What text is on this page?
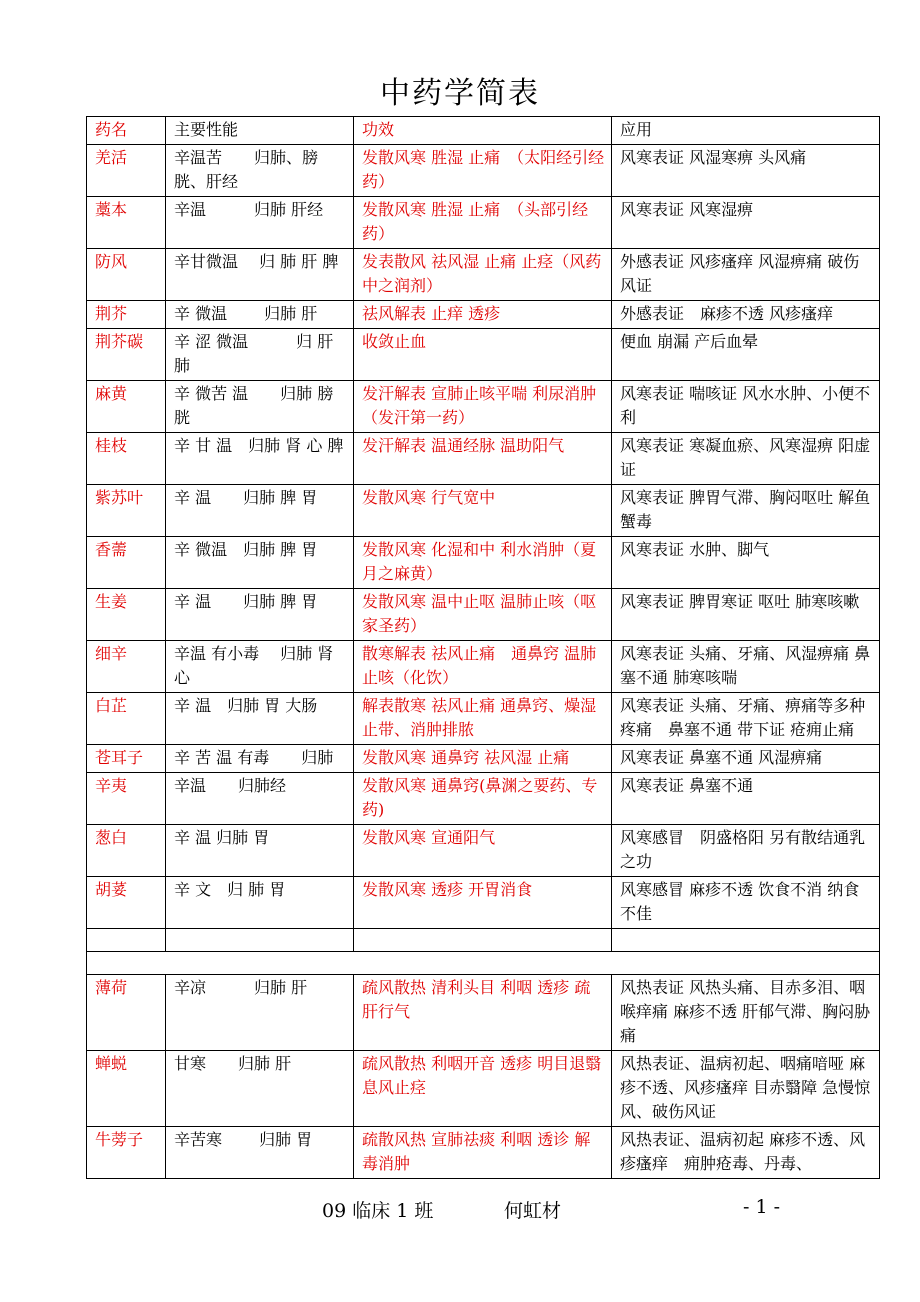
中药学简表
药名	主要性能	功效	应用
羌活	辛温苦　　归肺、膀胱、肝经	发散风寒 胜湿 止痛　（太阳经引经药）	风寒表证 风湿寒痹 头风痛
藁本	辛温　　　归肺 肝经	发散风寒 胜湿 止痛　（头部引经药）	风寒表证 风寒湿痹
防风	辛甘微温　 归 肺 肝 脾	发表散风 祛风湿 止痛 止痉（风药中之润剂）	外感表证 风疹瘙痒 风湿痹痛 破伤风证
荆芥	辛 微温　　 归肺 肝	祛风解表 止痒 透疹	外感表证　麻疹不透 风疹瘙痒
荆芥碳	辛 涩 微温　　　归 肝 肺	收敛止血	便血 崩漏 产后血晕
麻黄	辛 微苦 温　　归肺 膀胱	发汗解表 宣肺止咳平喘 利尿消肿 （发汗第一药）	风寒表证 喘咳证 风水水肿、小便不利
桂枝	辛 甘 温　归肺 肾 心 脾	发汗解表 温通经脉 温助阳气	风寒表证 寒凝血瘀、风寒湿痹 阳虚证
紫苏叶	辛 温　　归肺 脾 胃	发散风寒 行气宽中	风寒表证 脾胃气滞、胸闷呕吐 解鱼蟹毒
香薷	辛 微温　归肺 脾 胃	发散风寒 化湿和中 利水消肿（夏月之麻黄）	风寒表证 水肿、脚气
生姜	辛 温　　归肺 脾 胃	发散风寒 温中止呕 温肺止咳（呕家圣药）	风寒表证 脾胃寒证 呕吐 肺寒咳嗽
细辛	辛温 有小毒　 归肺 肾 心	散寒解表 祛风止痛　通鼻窍 温肺止咳（化饮）	风寒表证 头痛、牙痛、风湿痹痛 鼻塞不通 肺寒咳喘
白芷	辛 温　归肺 胃 大肠	解表散寒 祛风止痛 通鼻窍、燥湿止带、消肿排脓	风寒表证 头痛、牙痛、痹痛等多种疼痛　鼻塞不通 带下证 疮痈止痛
苍耳子	辛 苦 温 有毒　　归肺	发散风寒 通鼻窍 祛风湿 止痛	风寒表证 鼻塞不通 风湿痹痛
辛夷	辛温　　归肺经	发散风寒 通鼻窍(鼻渊之要药、专药)	风寒表证 鼻塞不通
葱白	辛 温 归肺 胃	发散风寒 宣通阳气	风寒感冒　阴盛格阳 另有散结通乳之功
胡荽	辛 文　归 肺 胃	发散风寒 透疹 开胃消食	风寒感冒 麻疹不透 饮食不消 纳食不佳

薄荷	辛凉　　　归肺 肝	疏风散热 清利头目 利咽 透疹 疏肝行气	风热表证 风热头痛、目赤多泪、咽喉痒痛 麻疹不透 肝郁气滞、胸闷胁痛
蝉蜕	甘寒　　归肺 肝	疏风散热 利咽开音 透疹 明目退翳 息风止痉	风热表证、温病初起、咽痛喑哑 麻疹不透、风疹瘙痒 目赤翳障 急慢惊风、破伤风证
牛蒡子	辛苦寒　　 归肺 胃	疏散风热 宣肺祛痰 利咽 透诊 解毒消肿	风热表证、温病初起 麻疹不透、风疹瘙痒　痈肿疮毒、丹毒、
09 临床 1 班	何虹材	- 1 -
